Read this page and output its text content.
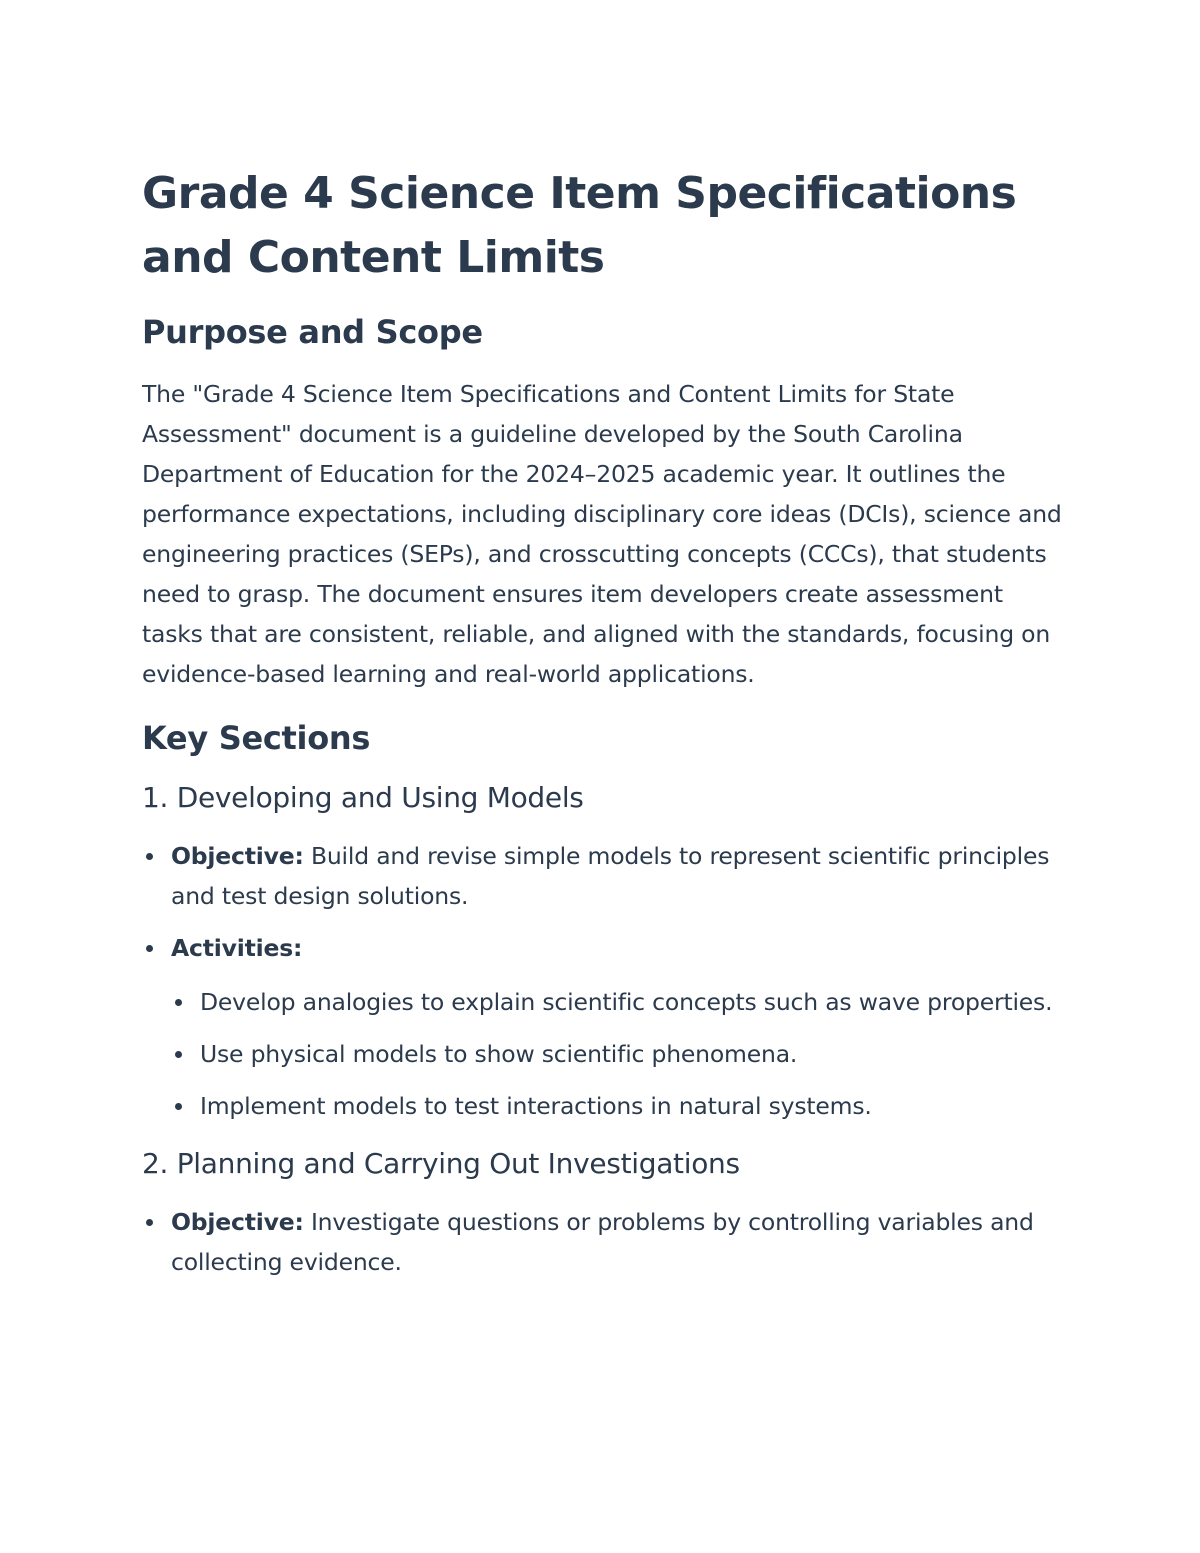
Grade 4 Science Item Specifications and Content Limits
Purpose and Scope

The "Grade 4 Science Item Specifications and Content Limits for State Assessment" document is a guideline developed by the South Carolina Department of Education for the 2024–2025 academic year. It outlines the performance expectations, including disciplinary core ideas (DCIs), science and engineering practices (SEPs), and crosscutting concepts (CCCs), that students need to grasp. The document ensures item developers create assessment tasks that are consistent, reliable, and aligned with the standards, focusing on evidence-based learning and real-world applications.

Key Sections
1. Developing and Using Models
Objective: Build and revise simple models to represent scientific principles and test design solutions.
Activities:
Develop analogies to explain scientific concepts such as wave properties.
Use physical models to show scientific phenomena.
Implement models to test interactions in natural systems.
2. Planning and Carrying Out Investigations
Objective: Investigate questions or problems by controlling variables and collecting evidence.
